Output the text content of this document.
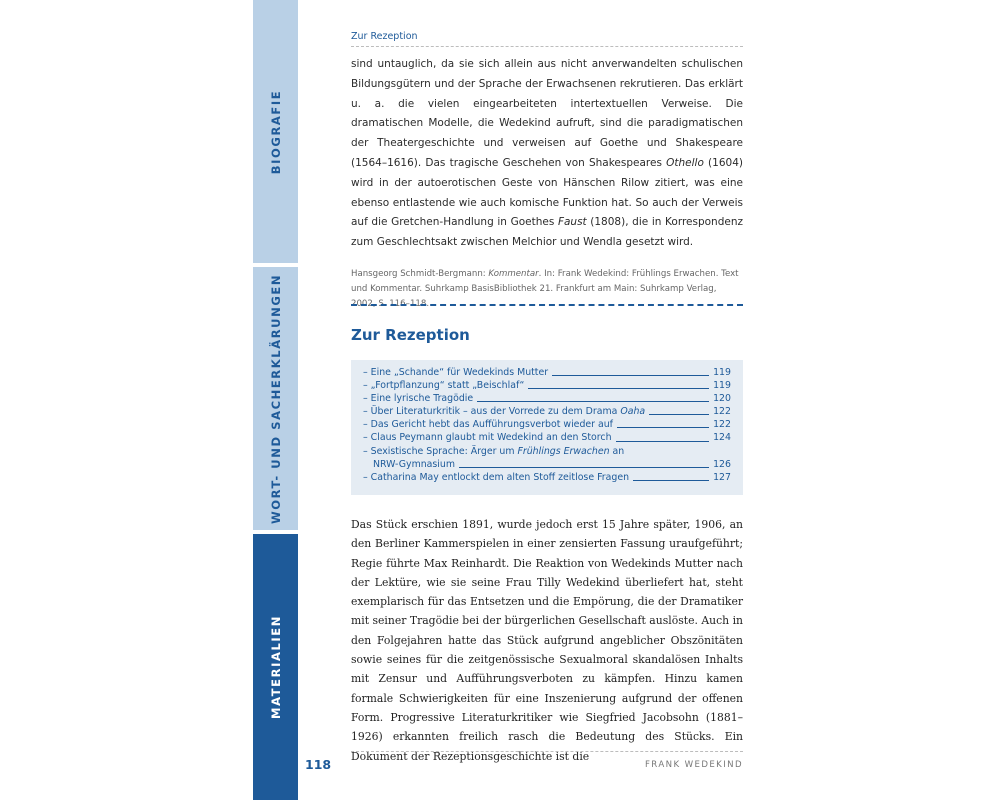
BIOGRAFIE
WORT- UND SACHERKLÄRUNGEN
MATERIALIEN
Zur Rezeption

sind untauglich, da sie sich allein aus nicht anverwandelten schulischen Bildungsgütern und der Sprache der Erwachsenen rekrutieren. Das erklärt u. a. die vielen eingearbeiteten intertextuellen Verweise. Die dramatischen Modelle, die Wedekind aufruft, sind die paradigmatischen der Theatergeschichte und verweisen auf Goethe und Shakespeare (1564–1616). Das tragische Geschehen von Shakespeares Othello (1604) wird in der autoerotischen Geste von Hänschen Rilow zitiert, was eine ebenso entlastende wie auch komische Funktion hat. So auch der Verweis auf die Gretchen-Handlung in Goethes Faust (1808), die in Korrespondenz zum Geschlechtsakt zwischen Melchior und Wendla gesetzt wird.

Hansgeorg Schmidt-Bergmann: Kommentar. In: Frank Wedekind: Frühlings Erwachen. Text und Kommentar. Suhrkamp BasisBibliothek 21. Frankfurt am Main: Suhrkamp Verlag, 2002, S. 116–118.

Zur Rezeption
– Eine „Schande“ für Wedekinds Mutter	119
– „Fortpflanzung“ statt „Beischlaf“	119
– Eine lyrische Tragödie	120
– Über Literaturkritik – aus der Vorrede zu dem Drama Oaha	122
– Das Gericht hebt das Aufführungsverbot wieder auf	122
– Claus Peymann glaubt mit Wedekind an den Storch	124
– Sexistische Sprache: Ärger um Frühlings Erwachen an
NRW-Gymnasium	126
– Catharina May entlockt dem alten Stoff zeitlose Fragen	127

Das Stück erschien 1891, wurde jedoch erst 15 Jahre später, 1906, an den Berliner Kammerspielen in einer zensierten Fassung uraufgeführt; Regie führte Max Reinhardt. Die Reaktion von Wedekinds Mutter nach der Lektüre, wie sie seine Frau Tilly Wedekind überliefert hat, steht exemplarisch für das Entsetzen und die Empörung, die der Dramatiker mit seiner Tragödie bei der bürgerlichen Gesellschaft auslöste. Auch in den Folgejahren hatte das Stück aufgrund angeblicher Obszönitäten sowie seines für die zeitgenössische Sexualmoral skandalösen Inhalts mit Zensur und Aufführungsverboten zu kämpfen. Hinzu kamen formale Schwierigkeiten für eine Inszenierung aufgrund der offenen Form. Progressive Literaturkritiker wie Siegfried Jacobsohn (1881–1926) erkannten freilich rasch die Bedeutung des Stücks. Ein Dokument der Rezeptionsgeschichte ist die

118	FRANK WEDEKIND
